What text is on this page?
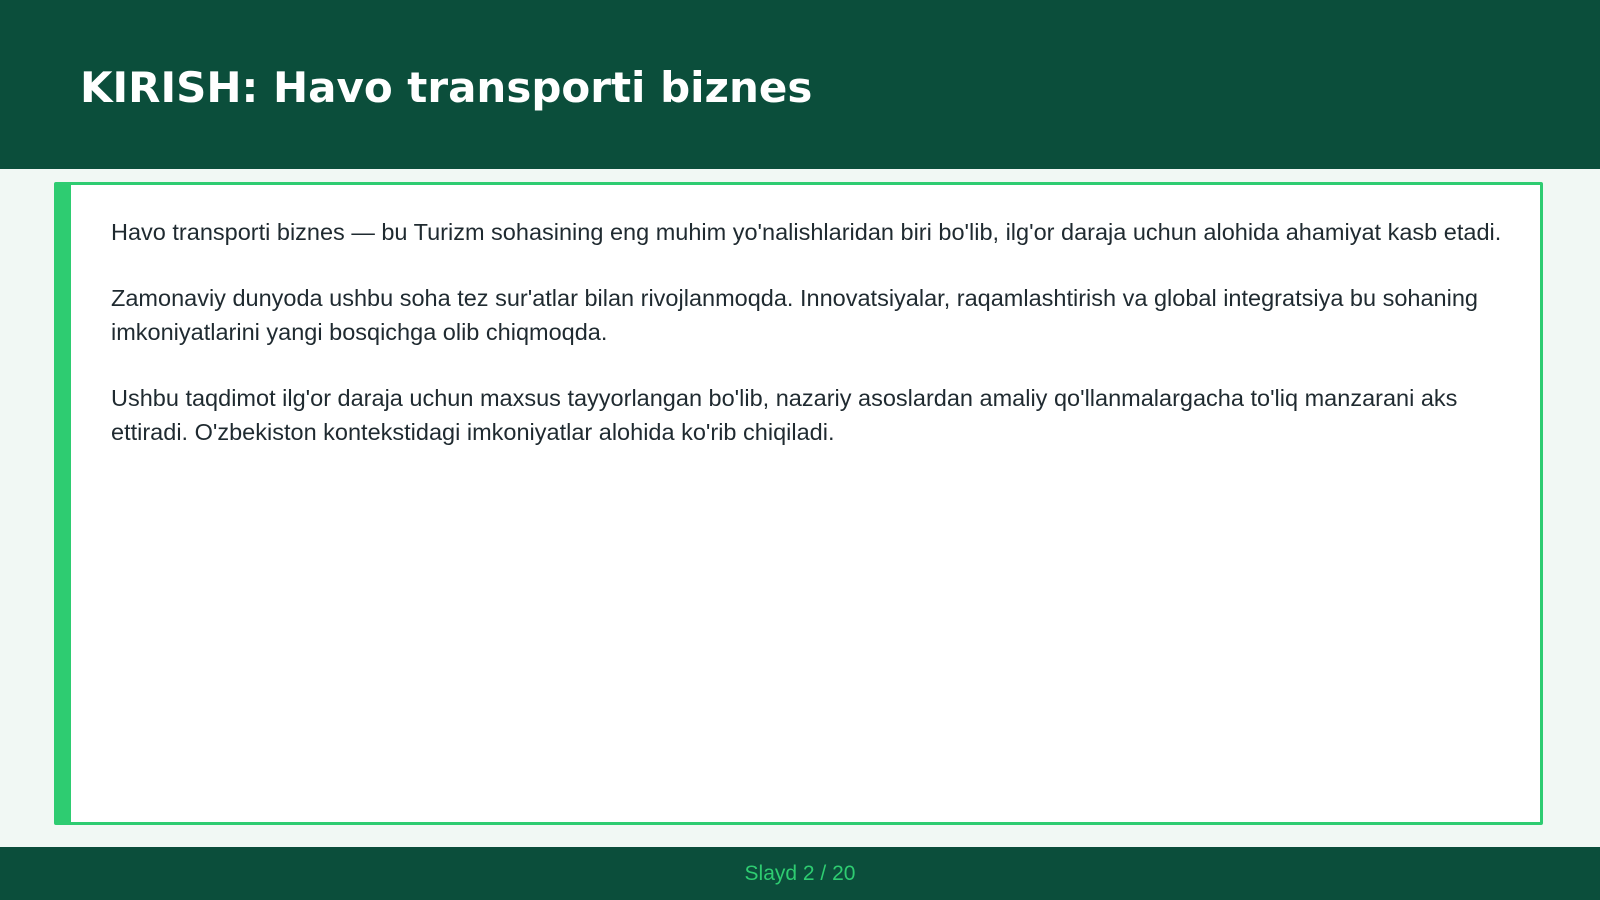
KIRISH: Havo transporti biznes

Havo transporti biznes — bu Turizm sohasining eng muhim yo'nalishlaridan biri bo'lib, ilg'or daraja uchun alohida ahamiyat kasb etadi.

Zamonaviy dunyoda ushbu soha tez sur'atlar bilan rivojlanmoqda. Innovatsiyalar, raqamlashtirish va global integratsiya bu sohaning imkoniyatlarini yangi bosqichga olib chiqmoqda.

Ushbu taqdimot ilg'or daraja uchun maxsus tayyorlangan bo'lib, nazariy asoslardan amaliy qo'llanmalargacha to'liq manzarani aks ettiradi. O'zbekiston kontekstidagi imkoniyatlar alohida ko'rib chiqiladi.

Slayd 2 / 20
